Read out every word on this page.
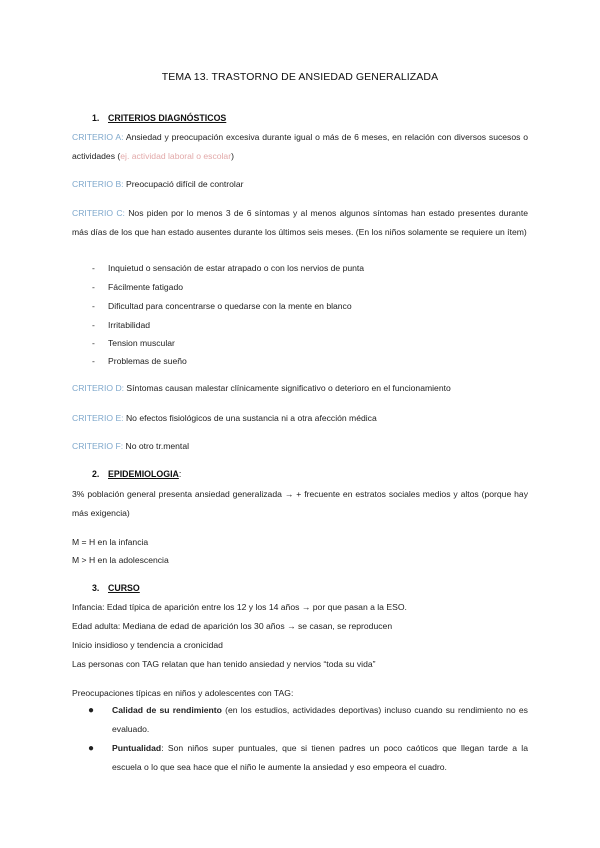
TEMA 13. TRASTORNO DE ANSIEDAD GENERALIZADA
1. CRITERIOS DIAGNÓSTICOS
CRITERIO A: Ansiedad y preocupación excesiva durante igual o más de 6 meses, en relación con diversos sucesos o actividades (ej. actividad laboral o escolar)
CRITERIO B: Preocupació difícil de controlar
CRITERIO C: Nos piden por lo menos 3 de 6 síntomas y al menos algunos síntomas han estado presentes durante más días de los que han estado ausentes durante los últimos seis meses. (En los niños solamente se requiere un ítem)
- Inquietud o sensación de estar atrapado o con los nervios de punta
- Fácilmente fatigado
- Dificultad para concentrarse o quedarse con la mente en blanco
- Irritabilidad
- Tension muscular
- Problemas de sueño
CRITERIO D: Síntomas causan malestar clínicamente significativo o deterioro en el funcionamiento
CRITERIO E: No efectos fisiológicos de una sustancia ni a otra afección médica
CRITERIO F: No otro tr.mental
2. EPIDEMIOLOGIA:
3% población general presenta ansiedad generalizada → + frecuente en estratos sociales medios y altos (porque hay más exigencia)
M = H en la infancia
M > H en la adolescencia
3. CURSO
Infancia: Edad típica de aparición entre los 12 y los 14 años → por que pasan a la ESO.
Edad adulta: Mediana de edad de aparición los 30 años → se casan, se reproducen
Inicio insidioso y tendencia a cronicidad
Las personas con TAG relatan que han tenido ansiedad y nervios “toda su vida”
Preocupaciones típicas en niños y adolescentes con TAG:
●	Calidad de su rendimiento (en los estudios, actividades deportivas) incluso cuando su rendimiento no es evaluado.
●	Puntualidad: Son niños super puntuales, que si tienen padres un poco caóticos que llegan tarde a la escuela o lo que sea hace que el niño le aumente la ansiedad y eso empeora el cuadro.
